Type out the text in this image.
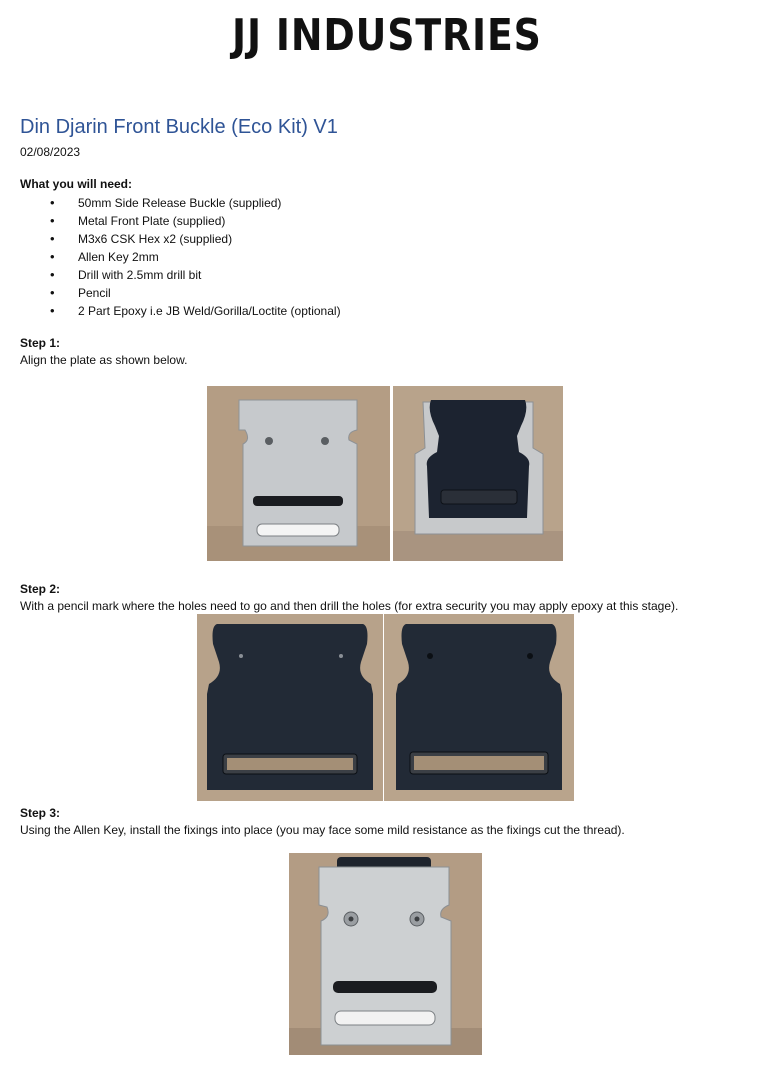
JJ INDUSTRIES
Din Djarin Front Buckle (Eco Kit) V1
02/08/2023
What you will need:
• 50mm Side Release Buckle (supplied)
• Metal Front Plate (supplied)
• M3x6 CSK Hex x2 (supplied)
• Allen Key 2mm
• Drill with 2.5mm drill bit
• Pencil
• 2 Part Epoxy i.e JB Weld/Gorilla/Loctite (optional)
Step 1:
Align the plate as shown below.
Step 2:
With a pencil mark where the holes need to go and then drill the holes (for extra security you may apply epoxy at this stage).
Step 3:
Using the Allen Key, install the fixings into place (you may face some mild resistance as the fixings cut the thread).
